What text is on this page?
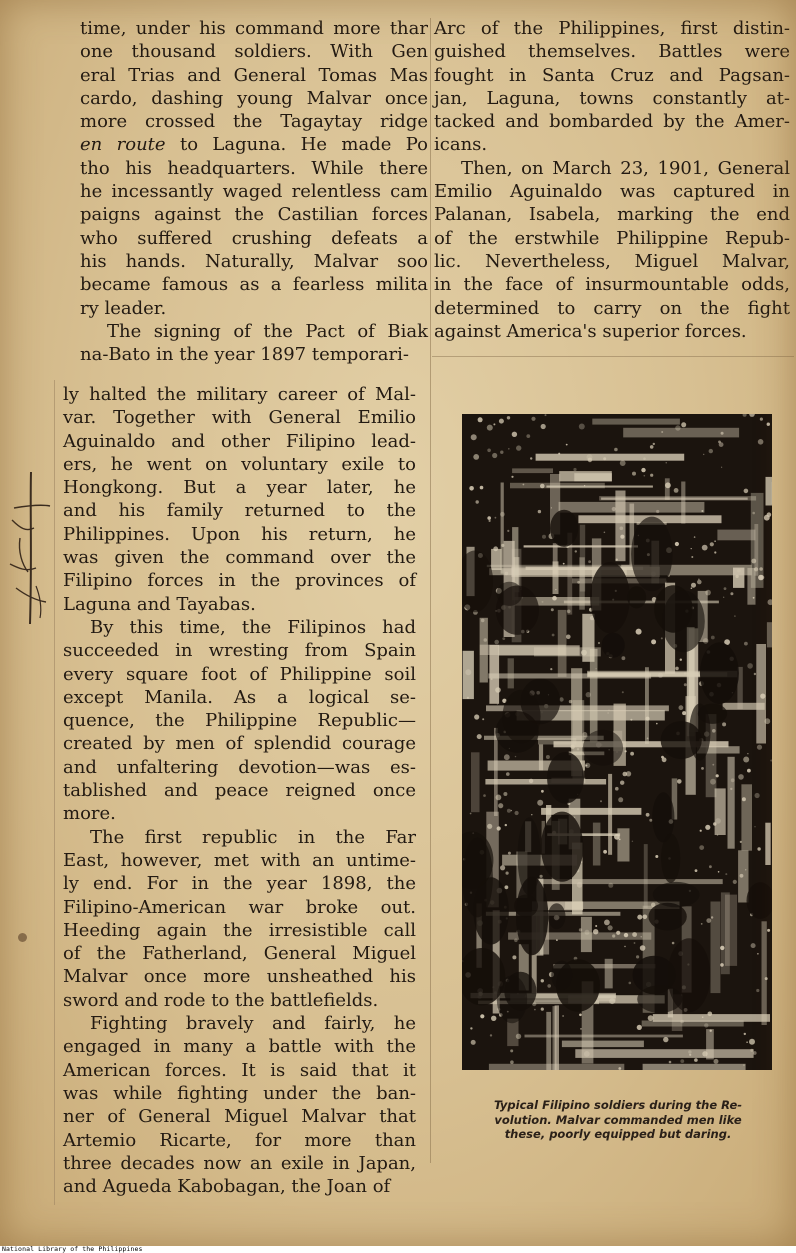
time, under his command more thar

one thousand soldiers. With Gen

eral Trias and General Tomas Mas

cardo, dashing young Malvar once

more crossed the Tagaytay ridge

en route to Laguna. He made Po

tho his headquarters. While there

he incessantly waged relentless cam

paigns against the Castilian forces

who suffered crushing defeats a

his hands. Naturally, Malvar soo

became famous as a fearless milita

ry leader.

  The signing of the Pact of Biak

na-Bato in the year 1897 temporari-

ly halted the military career of Mal-

var. Together with General Emilio

Aguinaldo and other Filipino lead-

ers, he went on voluntary exile to

Hongkong. But a year later, he

and his family returned to the

Philippines. Upon his return, he

was given the command over the

Filipino forces in the provinces of

Laguna and Tayabas.

  By this time, the Filipinos had

succeeded in wresting from Spain

every square foot of Philippine soil

except Manila. As a logical se-

quence, the Philippine Republic—

created by men of splendid courage

and unfaltering devotion—was es-

tablished and peace reigned once

more.

  The first republic in the Far

East, however, met with an untime-

ly end. For in the year 1898, the

Filipino-American war broke out.

Heeding again the irresistible call

of the Fatherland, General Miguel

Malvar once more unsheathed his

sword and rode to the battlefields.

  Fighting bravely and fairly, he

engaged in many a battle with the

American forces. It is said that it

was while fighting under the ban-

ner of General Miguel Malvar that

Artemio Ricarte, for more than

three decades now an exile in Japan,

and Agueda Kabobagan, the Joan of

Arc of the Philippines, first distin-

guished themselves. Battles were

fought in Santa Cruz and Pagsan-

jan, Laguna, towns constantly at-

tacked and bombarded by the Amer-

icans.

  Then, on March 23, 1901, General

Emilio Aguinaldo was captured in

Palanan, Isabela, marking the end

of the erstwhile Philippine Repub-

lic. Nevertheless, Miguel Malvar,

in the face of insurmountable odds,

determined to carry on the fight

against America's superior forces.

Typical Filipino soldiers during the Re-
volution. Malvar commanded men like
these, poorly equipped but daring.
National Library of the Philippines
